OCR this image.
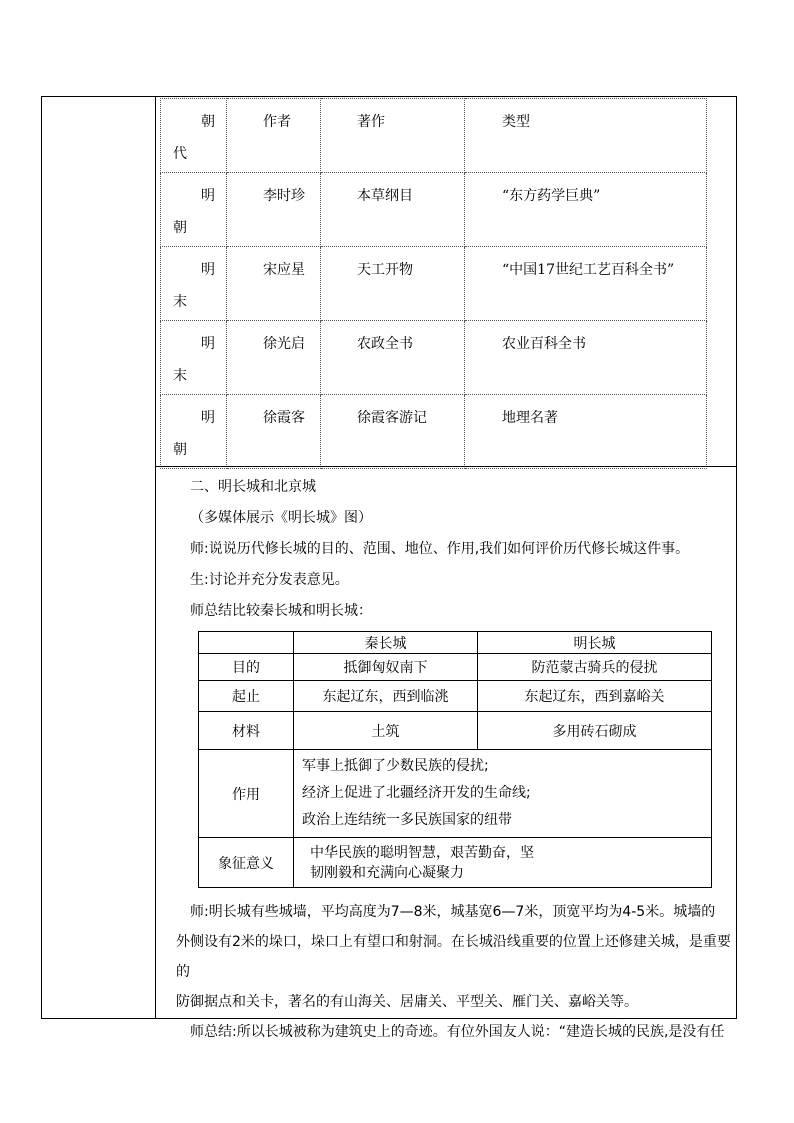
朝
代	作者	著作	类型

明
朝	李时珍	本草纲目	“东方药学巨典”

明
末	宋应星	天工开物	“中国17世纪工艺百科全书”

明
末	徐光启	农政全书	农业百科全书

明
朝	徐霞客	徐霞客游记	地理名著
二、明长城和北京城
（多媒体展示《明长城》图）
师:说说历代修长城的目的、范围、地位、作用,我们如何评价历代修长城这件事。
生:讨论并充分发表意见。
师总结比较秦长城和明长城：
	秦长城	明长城
目的	抵御匈奴南下	防范蒙古骑兵的侵扰
起止	东起辽东，西到临洮	东起辽东，西到嘉峪关
材料	土筑	多用砖石砌成
作用	军事上抵御了少数民族的侵扰;
经济上促进了北疆经济开发的生命线;
政治上连结统一多民族国家的纽带	

象征意义	中华民族的聪明智慧，艰苦勤奋，坚
韧刚毅和充满向心凝聚力	
师:明长城有些城墙，平均高度为7—8米，城基宽6—7米，顶宽平均为4-5米。城墙的
外侧设有2米的垛口，垛口上有望口和射洞。在长城沿线重要的位置上还修建关城，是重要的
防御据点和关卡，著名的有山海关、居庸关、平型关、雁门关、嘉峪关等。
师总结:所以长城被称为建筑史上的奇迹。有位外国友人说：“建造长城的民族,是没有任
